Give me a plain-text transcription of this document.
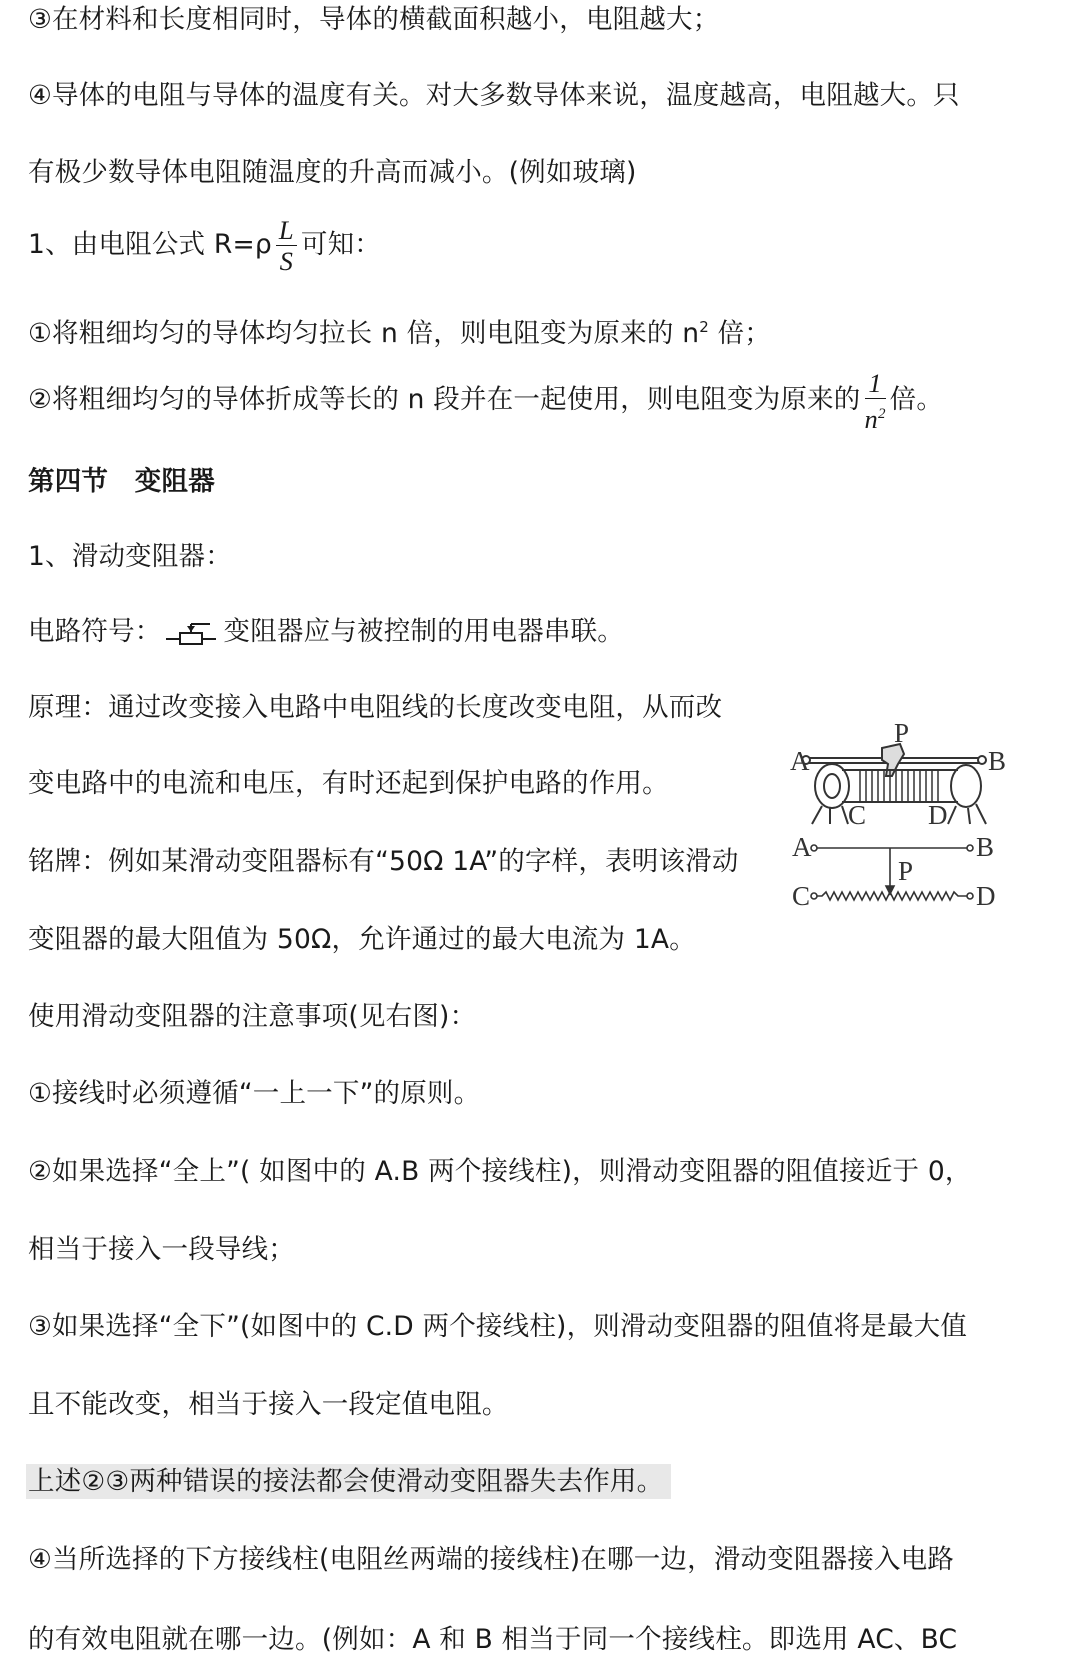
③在材料和长度相同时，导体的横截面积越小，电阻越大；
④导体的电阻与导体的温度有关。对大多数导体来说，温度越高，电阻越大。只
有极少数导体电阻随温度的升高而减小。(例如玻璃)
1、由电阻公式 $R=\rho \frac{L}{S}$ 可知：
①将粗细均匀的导体均匀拉长 n 倍，则电阻变为原来的 $n^2$ 倍；
②将粗细均匀的导体折成等长的 n 段并在一起使用，则电阻变为原来的 $\frac{1}{n^2}$ 倍。
第四节　变阻器
1、滑动变阻器：
电路符号： 变阻器应与被控制的用电器串联。
原理：通过改变接入电路中电阻线的长度改变电阻，从而改
变电路中的电流和电压，有时还起到保护电路的作用。
铭牌：例如某滑动变阻器标有“50Ω 1A”的字样，表明该滑动
变阻器的最大阻值为 50Ω，允许通过的最大电流为 1A。
使用滑动变阻器的注意事项(见右图)：
①接线时必须遵循“一上一下”的原则。
②如果选择“全上”( 如图中的 A.B 两个接线柱)，则滑动变阻器的阻值接近于 0，
相当于接入一段导线；
③如果选择“全下”(如图中的 C.D 两个接线柱)，则滑动变阻器的阻值将是最大值
且不能改变，相当于接入一段定值电阻。
上述②③两种错误的接法都会使滑动变阻器失去作用。
④当所选择的下方接线柱(电阻丝两端的接线柱)在哪一边，滑动变阻器接入电路
的有效电阻就在哪一边。(例如：A 和 B 相当于同一个接线柱。即选用 AC、BC
A	B
P
C D
A	B
P
C	D
